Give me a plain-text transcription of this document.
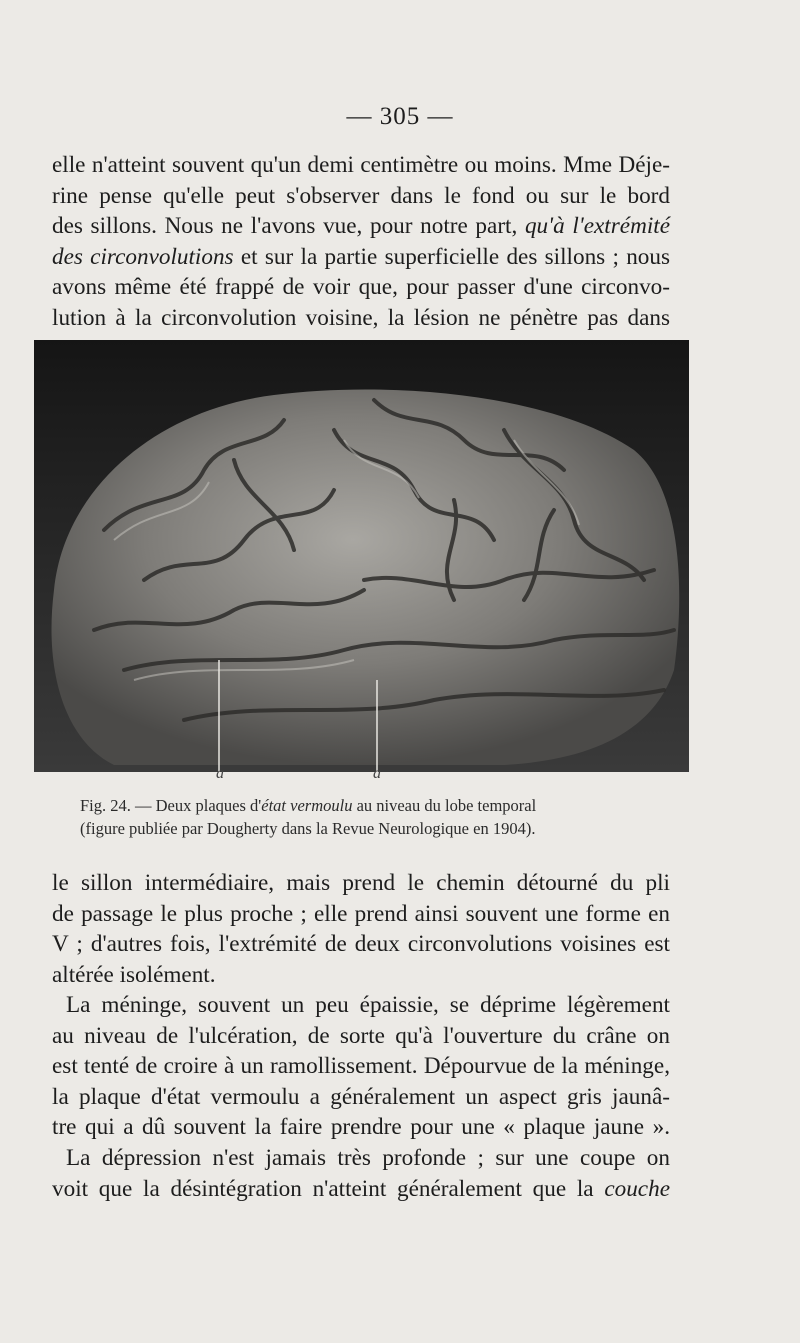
— 305 —
elle n'atteint souvent qu'un demi centimètre ou moins. Mme Déje-
rine pense qu'elle peut s'observer dans le fond ou sur le bord
des sillons. Nous ne l'avons vue, pour notre part, qu'à l'extrémité
des circonvolutions et sur la partie superficielle des sillons ; nous
avons même été frappé de voir que, pour passer d'une circonvo-
lution à la circonvolution voisine, la lésion ne pénètre pas dans
a	a
Fig. 24. — Deux plaques d'état vermoulu au niveau du lobe temporal
(figure publiée par Dougherty dans la Revue Neurologique en 1904).
le sillon intermédiaire, mais prend le chemin détourné du pli
de passage le plus proche ; elle prend ainsi souvent une forme en
V ; d'autres fois, l'extrémité de deux circonvolutions voisines est
altérée isolément.
La méninge, souvent un peu épaissie, se déprime légèrement
au niveau de l'ulcération, de sorte qu'à l'ouverture du crâne on
est tenté de croire à un ramollissement. Dépourvue de la méninge,
la plaque d'état vermoulu a généralement un aspect gris jaunâ-
tre qui a dû souvent la faire prendre pour une « plaque jaune ».
La dépression n'est jamais très profonde ; sur une coupe on
voit que la désintégration n'atteint généralement que la couche
